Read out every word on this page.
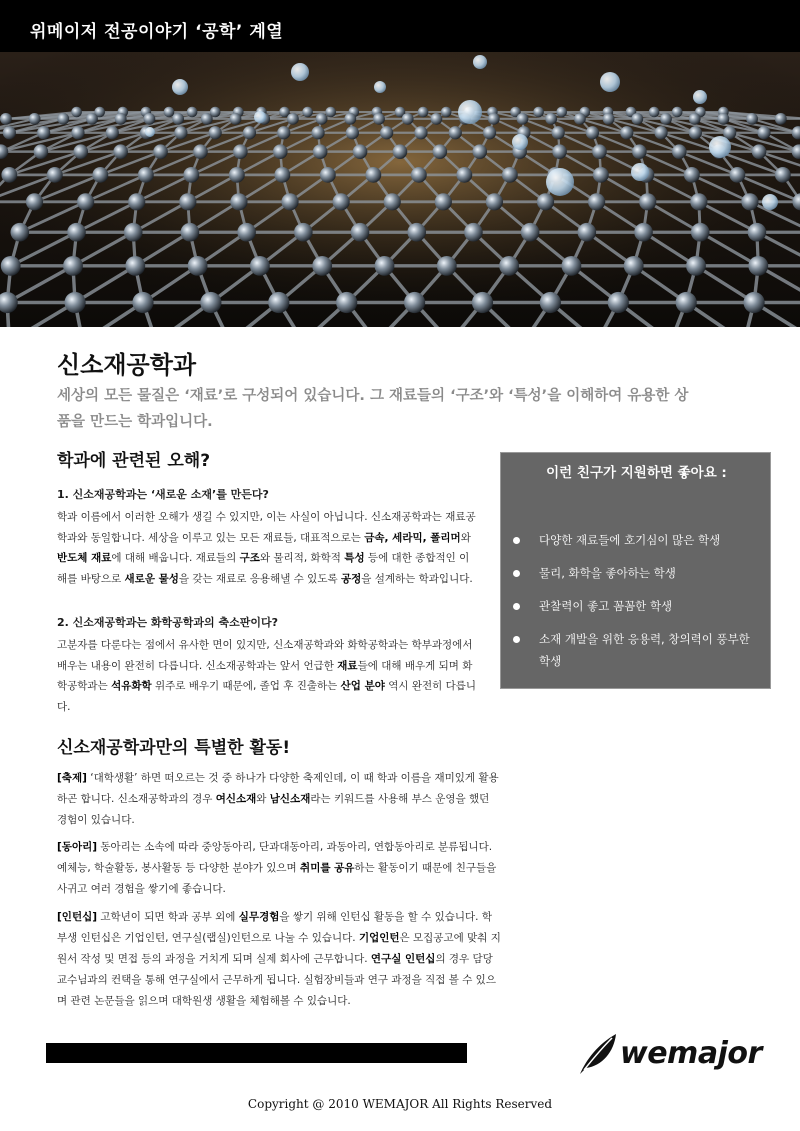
위메이저 전공이야기 ‘공학’ 계열
신소재공학과
세상의 모든 물질은 ‘재료’로 구성되어 있습니다. 그 재료들의 ‘구조’와 ‘특성’을 이해하여 유용한 상품을 만드는 학과입니다.
학과에 관련된 오해?
1. 신소재공학과는 ‘새로운 소재’를 만든다?
학과 이름에서 이러한 오해가 생길 수 있지만, 이는 사실이 아닙니다. 신소재공학과는 재료공학과와 동일합니다. 세상을 이루고 있는 모든 재료들, 대표적으로는 금속, 세라믹, 폴리머와 반도체 재료에 대해 배웁니다. 재료들의 구조와 물리적, 화학적 특성 등에 대한 종합적인 이해를 바탕으로 새로운 물성을 갖는 재료로 응용해낼 수 있도록 공정을 설계하는 학과입니다.
2. 신소재공학과는 화학공학과의 축소판이다?
고분자를 다룬다는 점에서 유사한 면이 있지만, 신소재공학과와 화학공학과는 학부과정에서 배우는 내용이 완전히 다릅니다. 신소재공학과는 앞서 언급한 재료들에 대해 배우게 되며 화학공학과는 석유화학 위주로 배우기 때문에, 졸업 후 진출하는 산업 분야 역시 완전히 다릅니다.
신소재공학과만의 특별한 활동!
[축제] ‘대학생활’ 하면 떠오르는 것 중 하나가 다양한 축제인데, 이 때 학과 이름을 재미있게 활용하곤 합니다. 신소재공학과의 경우 여신소재와 남신소재라는 키워드를 사용해 부스 운영을 했던 경험이 있습니다.
[동아리] 동아리는 소속에 따라 중앙동아리, 단과대동아리, 과동아리, 연합동아리로 분류됩니다. 예체능, 학술활동, 봉사활동 등 다양한 분야가 있으며 취미를 공유하는 활동이기 때문에 친구들을 사귀고 여러 경험을 쌓기에 좋습니다.
[인턴십] 고학년이 되면 학과 공부 외에 실무경험을 쌓기 위해 인턴십 활동을 할 수 있습니다. 학부생 인턴십은 기업인턴, 연구실(랩실)인턴으로 나눌 수 있습니다. 기업인턴은 모집공고에 맞춰 지원서 작성 및 면접 등의 과정을 거치게 되며 실제 회사에 근무합니다. 연구실 인턴십의 경우 담당 교수님과의 컨택을 통해 연구실에서 근무하게 됩니다. 실험장비들과 연구 과정을 직접 볼 수 있으며 관련 논문들을 읽으며 대학원생 생활을 체험해볼 수 있습니다.
이런 친구가 지원하면 좋아요 :
다양한 재료들에 호기심이 많은 학생
물리, 화학을 좋아하는 학생
관찰력이 좋고 꼼꼼한 학생
소재 개발을 위한 응용력, 창의력이 풍부한 학생
wemajor
Copyright @ 2010 WEMAJOR All Rights Reserved
